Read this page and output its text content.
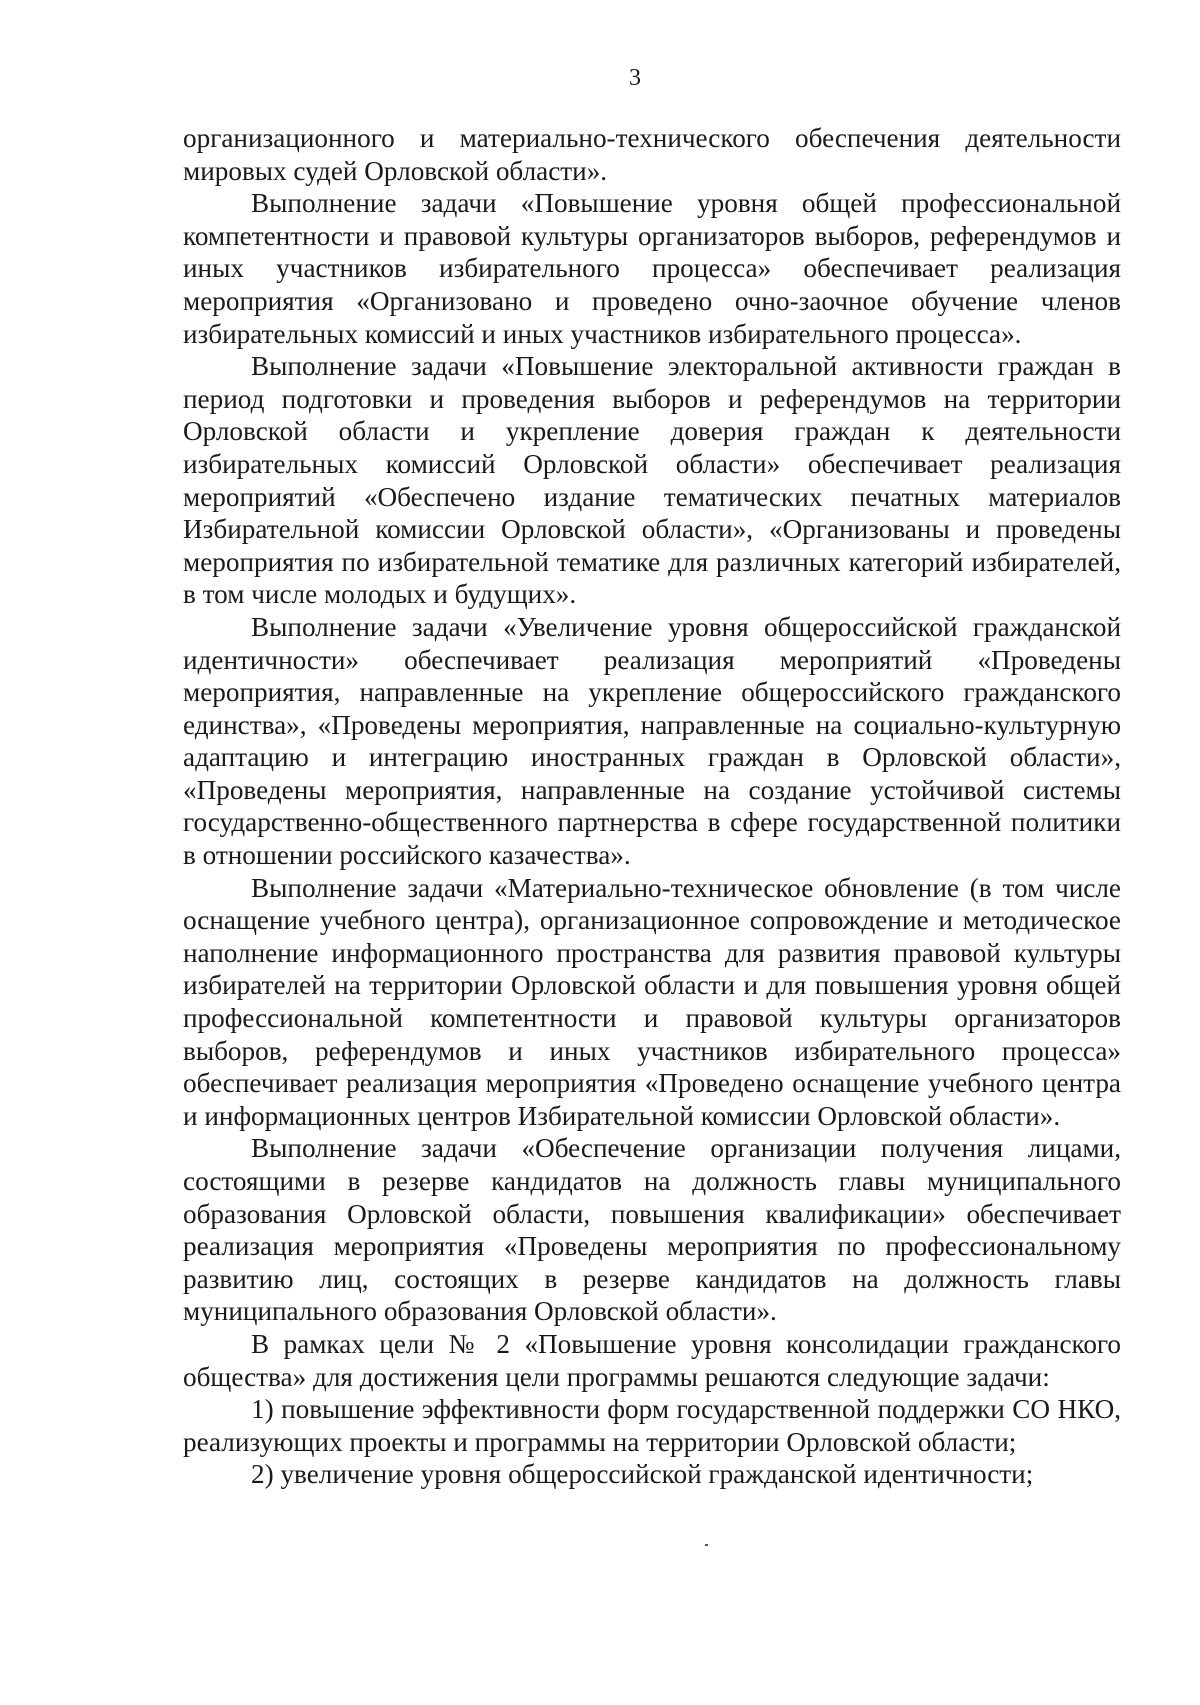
3

организационного и материально-технического обеспечения деятельности мировых судей Орловской области».

Выполнение задачи «Повышение уровня общей профессиональной компетентности и правовой культуры организаторов выборов, референдумов и иных участников избирательного процесса» обеспечивает реализация мероприятия «Организовано и проведено очно-заочное обучение членов избирательных комиссий и иных участников избирательного процесса».

Выполнение задачи «Повышение электоральной активности граждан в период подготовки и проведения выборов и референдумов на территории Орловской области и укрепление доверия граждан к деятельности избирательных комиссий Орловской области» обеспечивает реализация мероприятий «Обеспечено издание тематических печатных материалов Избирательной комиссии Орловской области», «Организованы и проведены мероприятия по избирательной тематике для различных категорий избирателей, в том числе молодых и будущих».

Выполнение задачи «Увеличение уровня общероссийской гражданской идентичности» обеспечивает реализация мероприятий «Проведены мероприятия, направленные на укрепление общероссийского гражданского единства», «Проведены мероприятия, направленные на социально-культурную адаптацию и интеграцию иностранных граждан в Орловской области», «Проведены мероприятия, направленные на создание устойчивой системы государственно-общественного партнерства в сфере государственной политики в отношении российского казачества».

Выполнение задачи «Материально-техническое обновление (в том числе оснащение учебного центра), организационное сопровождение и методическое наполнение информационного пространства для развития правовой культуры избирателей на территории Орловской области и для повышения уровня общей профессиональной компетентности и правовой культуры организаторов выборов, референдумов и иных участников избирательного процесса» обеспечивает реализация мероприятия «Проведено оснащение учебного центра и информационных центров Избирательной комиссии Орловской области».

Выполнение задачи «Обеспечение организации получения лицами, состоящими в резерве кандидатов на должность главы муниципального образования Орловской области, повышения квалификации» обеспечивает реализация мероприятия «Проведены мероприятия по профессиональному развитию лиц, состоящих в резерве кандидатов на должность главы муниципального образования Орловской области».

В рамках цели № 2 «Повышение уровня консолидации гражданского общества» для достижения цели программы решаются следующие задачи:

1) повышение эффективности форм государственной поддержки СО НКО, реализующих проекты и программы на территории Орловской области;

2) увеличение уровня общероссийской гражданской идентичности;
